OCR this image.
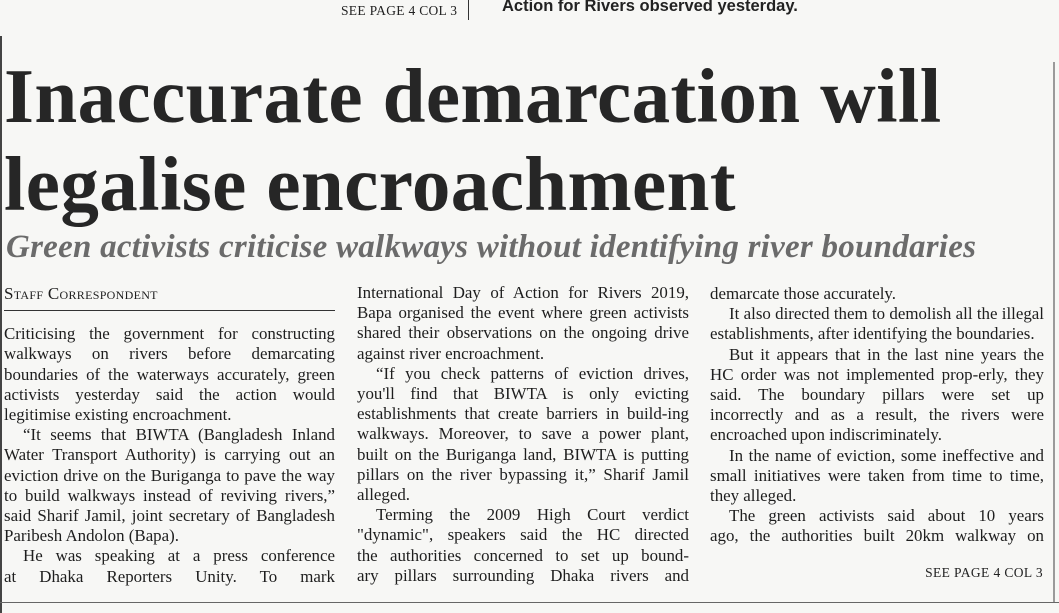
SEE PAGE 4 COL 3	Action for Rivers observed yesterday.
Inaccurate demarcation will legalise encroachment
Green activists criticise walkways without identifying river boundaries

Staff Correspondent

Criticising the government for constructing walkways on rivers before demarcating boundaries of the waterways accurately, green activists yesterday said the action would legitimise existing encroachment.

“It seems that BIWTA (Bangladesh Inland Water Transport Authority) is carrying out an eviction drive on the Buriganga to pave the way to build walkways instead of reviving rivers,” said Sharif Jamil, joint secretary of Bangladesh Paribesh Andolon (Bapa).

He was speaking at a press conference at Dhaka Reporters Unity. To mark

International Day of Action for Rivers 2019, Bapa organised the event where green activists shared their observations on the ongoing drive against river encroachment.

“If you check patterns of eviction drives, you'll find that BIWTA is only evicting establishments that create barriers in build-ing walkways. Moreover, to save a power plant, built on the Buriganga land, BIWTA is putting pillars on the river bypassing it,” Sharif Jamil alleged.

Terming the 2009 High Court verdict "dynamic", speakers said the HC directed the authorities concerned to set up bound-ary pillars surrounding Dhaka rivers and

demarcate those accurately.

It also directed them to demolish all the illegal establishments, after identifying the boundaries.

But it appears that in the last nine years the HC order was not implemented prop-erly, they said. The boundary pillars were set up incorrectly and as a result, the rivers were encroached upon indiscriminately.

In the name of eviction, some ineffective and small initiatives were taken from time to time, they alleged.

The green activists said about 10 years ago, the authorities built 20km walkway on

SEE PAGE 4 COL 3
